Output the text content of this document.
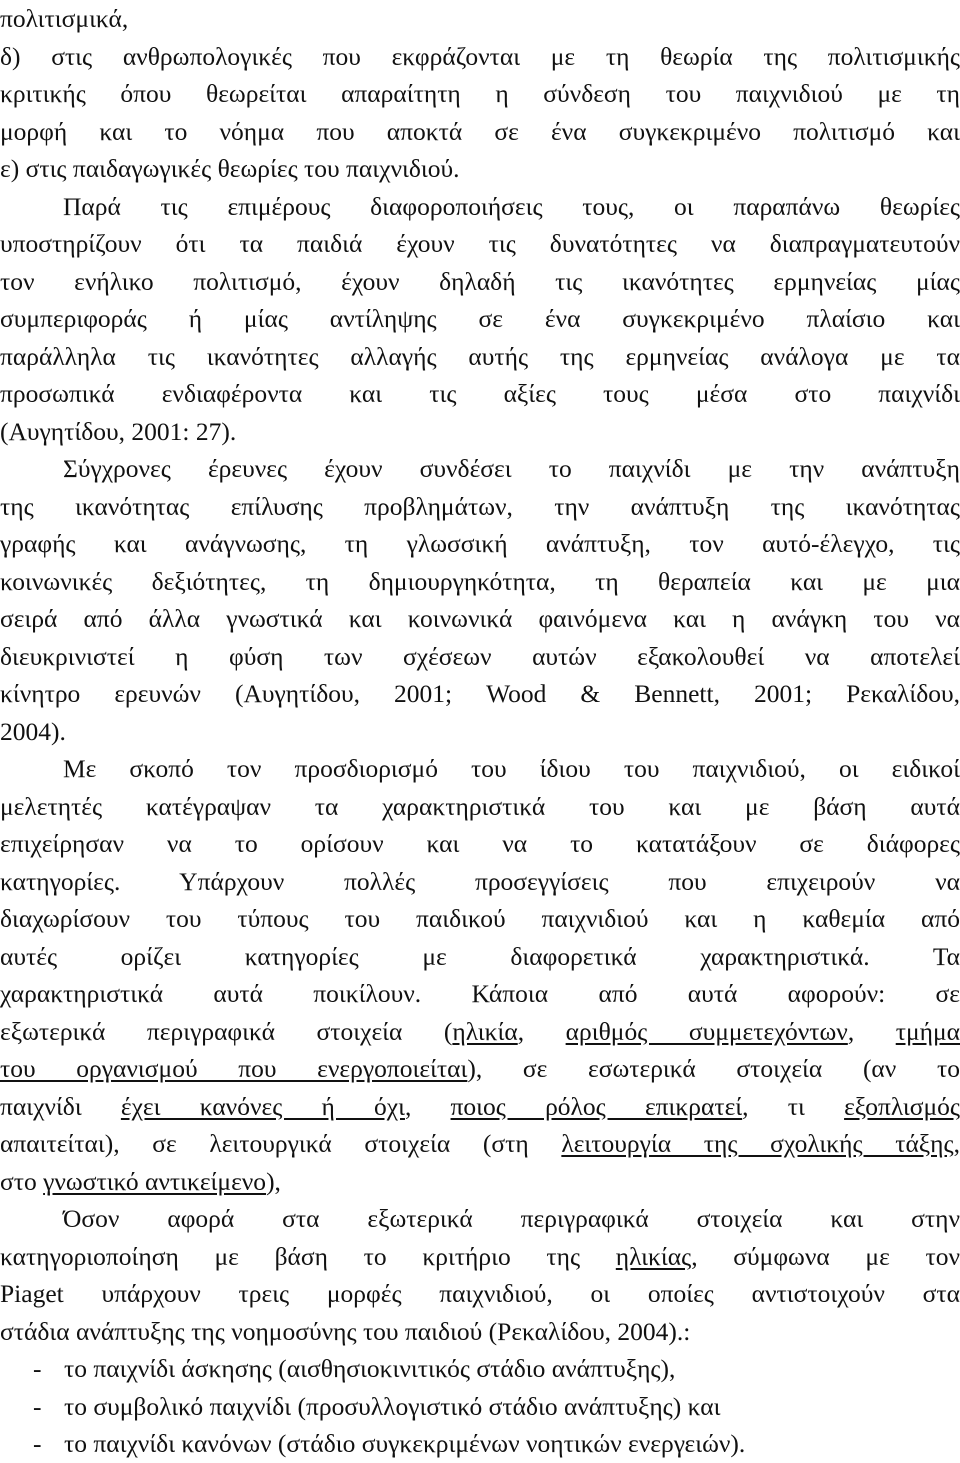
πολιτισμικά,
δ) στις ανθρωπολογικές που εκφράζονται με τη θεωρία της πολιτισμικής
κριτικής όπου θεωρείται απαραίτητη η σύνδεση του παιχνιδιού με τη
μορφή και το νόημα που αποκτά σε ένα συγκεκριμένο πολιτισμό και
ε) στις παιδαγωγικές θεωρίες του παιχνιδιού.
Παρά τις επιμέρους διαφοροποιήσεις τους, οι παραπάνω θεωρίες
υποστηρίζουν ότι τα παιδιά έχουν τις δυνατότητες να διαπραγματευτούν
τον ενήλικο πολιτισμό, έχουν δηλαδή τις ικανότητες ερμηνείας μίας
συμπεριφοράς ή μίας αντίληψης σε ένα συγκεκριμένο πλαίσιο και
παράλληλα τις ικανότητες αλλαγής αυτής της ερμηνείας ανάλογα με τα
προσωπικά ενδιαφέροντα και τις αξίες τους μέσα στο παιχνίδι
(Αυγητίδου, 2001: 27).
Σύγχρονες έρευνες έχουν συνδέσει το παιχνίδι με την ανάπτυξη
της ικανότητας επίλυσης προβλημάτων, την ανάπτυξη της ικανότητας
γραφής και ανάγνωσης, τη γλωσσική ανάπτυξη, τον αυτό-έλεγχο, τις
κοινωνικές δεξιότητες, τη δημιουργηκότητα, τη θεραπεία και με μια
σειρά από άλλα γνωστικά και κοινωνικά φαινόμενα και η ανάγκη του να
διευκρινιστεί η φύση των σχέσεων αυτών εξακολουθεί να αποτελεί
κίνητρο ερευνών (Αυγητίδου, 2001; Wood & Bennett, 2001; Ρεκαλίδου,
2004).
Με σκοπό τον προσδιορισμό του ίδιου του παιχνιδιού, οι ειδικοί
μελετητές κατέγραψαν τα χαρακτηριστικά του και με βάση αυτά
επιχείρησαν να το ορίσουν και να το κατατάξουν σε διάφορες
κατηγορίες. Υπάρχουν πολλές προσεγγίσεις που επιχειρούν να
διαχωρίσουν του τύπους του παιδικού παιχνιδιού και η καθεμία από
αυτές ορίζει κατηγορίες με διαφορετικά χαρακτηριστικά. Τα
χαρακτηριστικά αυτά ποικίλουν. Κάποια από αυτά αφορούν: σε
εξωτερικά περιγραφικά στοιχεία (ηλικία, αριθμός συμμετεχόντων, τμήμα
του οργανισμού που ενεργοποιείται), σε εσωτερικά στοιχεία (αν το
παιχνίδι έχει κανόνες ή όχι, ποιος ρόλος επικρατεί, τι εξοπλισμός
απαιτείται), σε λειτουργικά στοιχεία (στη λειτουργία της σχολικής τάξης,
στο γνωστικό αντικείμενο),
Όσον αφορά στα εξωτερικά περιγραφικά στοιχεία και στην
κατηγοριοποίηση με βάση το κριτήριο της ηλικίας, σύμφωνα με τον
Piaget υπάρχουν τρεις μορφές παιχνιδιού, οι οποίες αντιστοιχούν στα
στάδια ανάπτυξης της νοημοσύνης του παιδιού (Ρεκαλίδου, 2004).:
- το παιχνίδι άσκησης (αισθησιοκινιτικός στάδιο ανάπτυξης),
- το συμβολικό παιχνίδι (προσυλλογιστικό στάδιο ανάπτυξης) και
- το παιχνίδι κανόνων (στάδιο συγκεκριμένων νοητικών ενεργειών).
